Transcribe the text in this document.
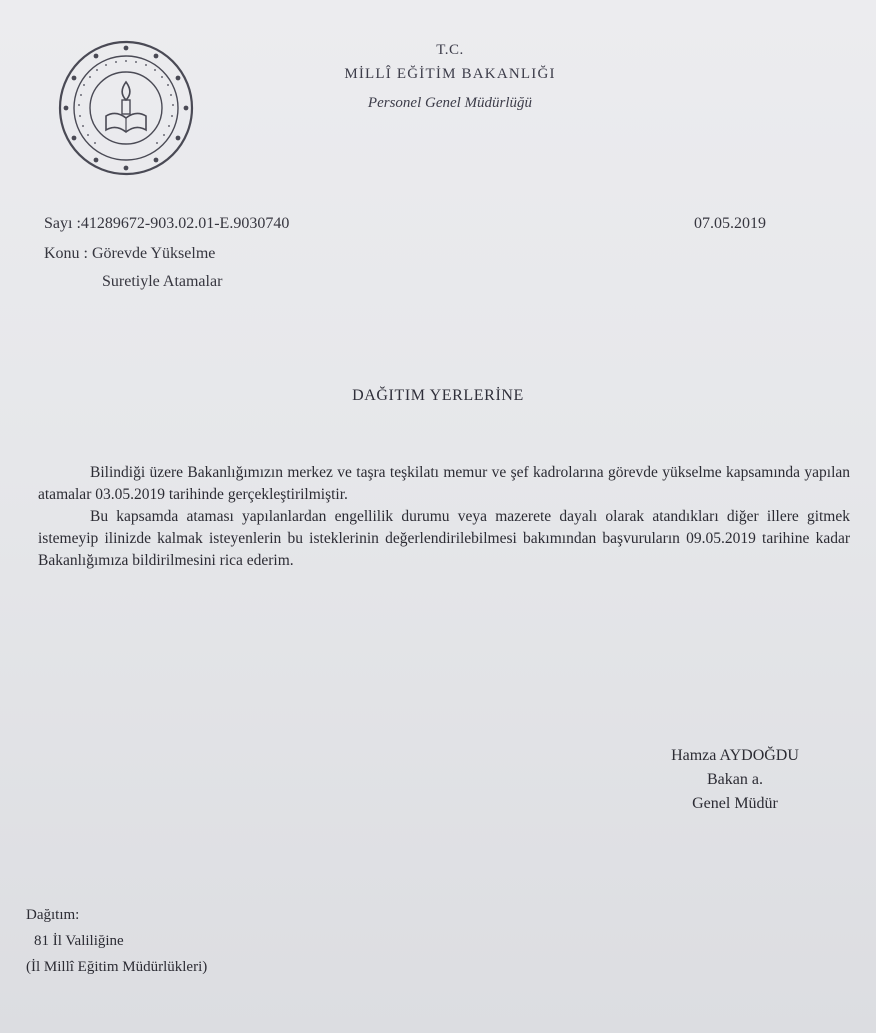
T.C.
MİLLÎ EĞİTİM BAKANLIĞI
Personel Genel Müdürlüğü
Sayı :41289672-903.02.01-E.9030740	07.05.2019
Konu : Görevde Yükselme
Suretiyle Atamalar
DAĞITIM YERLERİNE

Bilindiği üzere Bakanlığımızın merkez ve taşra teşkilatı memur ve şef kadrolarına görevde yükselme kapsamında yapılan atamalar 03.05.2019 tarihinde gerçekleştirilmiştir.

Bu kapsamda ataması yapılanlardan engellilik durumu veya mazerete dayalı olarak atandıkları diğer illere gitmek istemeyip ilinizde kalmak isteyenlerin bu isteklerinin değerlendirilebilmesi bakımından başvuruların 09.05.2019 tarihine kadar Bakanlığımıza bildirilmesini rica ederim.

Hamza AYDOĞDU
Bakan a.
Genel Müdür
Dağıtım:
81 İl Valiliğine
(İl Millî Eğitim Müdürlükleri)
